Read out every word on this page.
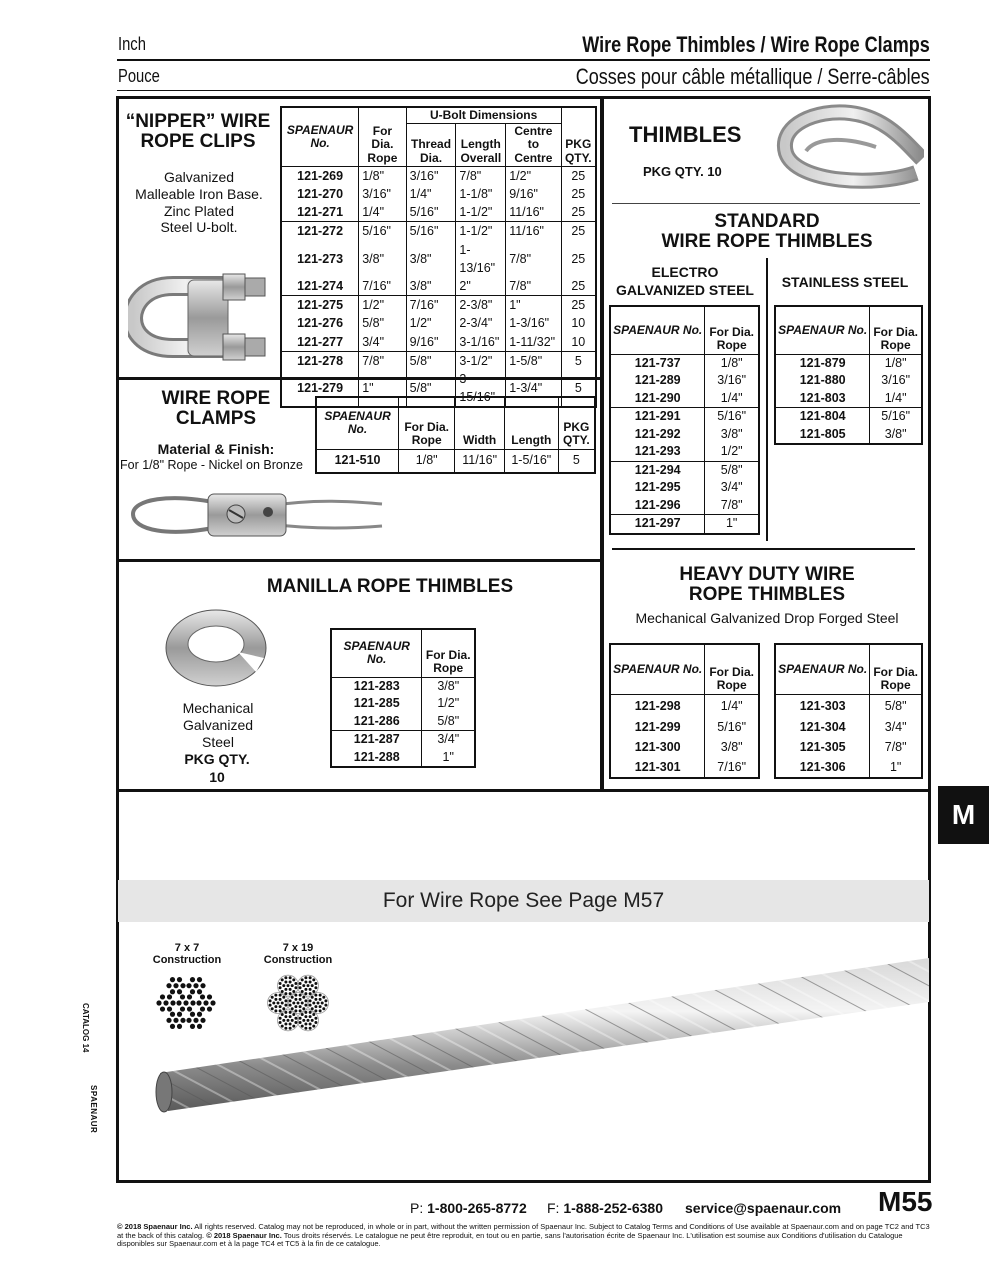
Inch	Wire Rope Thimbles / Wire Rope Clamps
Pouce	Cosses pour câble métallique / Serre-câbles
“NIPPER” WIRE
ROPE CLIPS
Galvanized
Malleable Iron Base.
Zinc Plated
Steel U-bolt.
SPAENAUR No.	For Dia. Rope	U-Bolt Dimensions			PKG QTY.
		Thread Dia.	Length Overall	Centre to Centre	
121-269	1/8"	3/16"	7/8"	1/2"	25
121-270	3/16"	1/4"	1-1/8"	9/16"	25
121-271	1/4"	5/16"	1-1/2"	11/16"	25
121-272	5/16"	5/16"	1-1/2"	11/16"	25
121-273	3/8"	3/8"	1-13/16"	7/8"	25
121-274	7/16"	3/8"	2"	7/8"	25
121-275	1/2"	7/16"	2-3/8"	1"	25
121-276	5/8"	1/2"	2-3/4"	1-3/16"	10
121-277	3/4"	9/16"	3-1/16"	1-11/32"	10
121-278	7/8"	5/8"	3-1/2"	1-5/8"	5
121-279	1"	5/8"	3-15/16"	1-3/4"	5
WIRE ROPE
CLAMPS
Material & Finish:
For 1/8" Rope - Nickel on Bronze
SPAENAUR No.	For Dia. Rope	Width	Length	PKG QTY.
121-510	1/8"	11/16"	1-5/16"	5
MANILLA ROPE THIMBLES
Mechanical
Galvanized
Steel
PKG QTY.
10
SPAENAUR No.	For Dia. Rope
121-283	3/8"
121-285	1/2"
121-286	5/8"
121-287	3/4"
121-288	1"
THIMBLES
PKG QTY. 10
STANDARD
WIRE ROPE THIMBLES
ELECTRO
GALVANIZED STEEL	STAINLESS STEEL
SPAENAUR No.	For Dia. Rope
121-737	1/8"
121-289	3/16"
121-290	1/4"
121-291	5/16"
121-292	3/8"
121-293	1/2"
121-294	5/8"
121-295	3/4"
121-296	7/8"
121-297	1"
SPAENAUR No.	For Dia. Rope
121-879	1/8"
121-880	3/16"
121-803	1/4"
121-804	5/16"
121-805	3/8"
HEAVY DUTY WIRE
ROPE THIMBLES
Mechanical Galvanized Drop Forged Steel
SPAENAUR No.	For Dia. Rope
121-298	1/4"
121-299	5/16"
121-300	3/8"
121-301	7/16"
SPAENAUR No.	For Dia. Rope
121-303	5/8"
121-304	3/4"
121-305	7/8"
121-306	1"
M
For Wire Rope See Page M57
7 x 7
Construction
7 x 19
Construction
CATALOG 14
SPAENAUR
P: 1-800-265-8772 F: 1-888-252-6380 service@spaenaur.com M55
© 2018 Spaenaur Inc. All rights reserved. Catalog may not be reproduced, in whole or in part, without the written permission of Spaenaur Inc. Subject to Catalog Terms and Conditions of Use available at Spaenaur.com and on page TC2 and TC3 at the back of this catalog. © 2018 Spaenaur Inc. Tous droits réservés. Le catalogue ne peut être reproduit, en tout ou en partie, sans l'autorisation écrite de Spaenaur Inc. L'utilisation est soumise aux Conditions d'utilisation du Catalogue disponibles sur Spaenaur.com et à la page TC4 et TC5 à la fin de ce catalogue.
